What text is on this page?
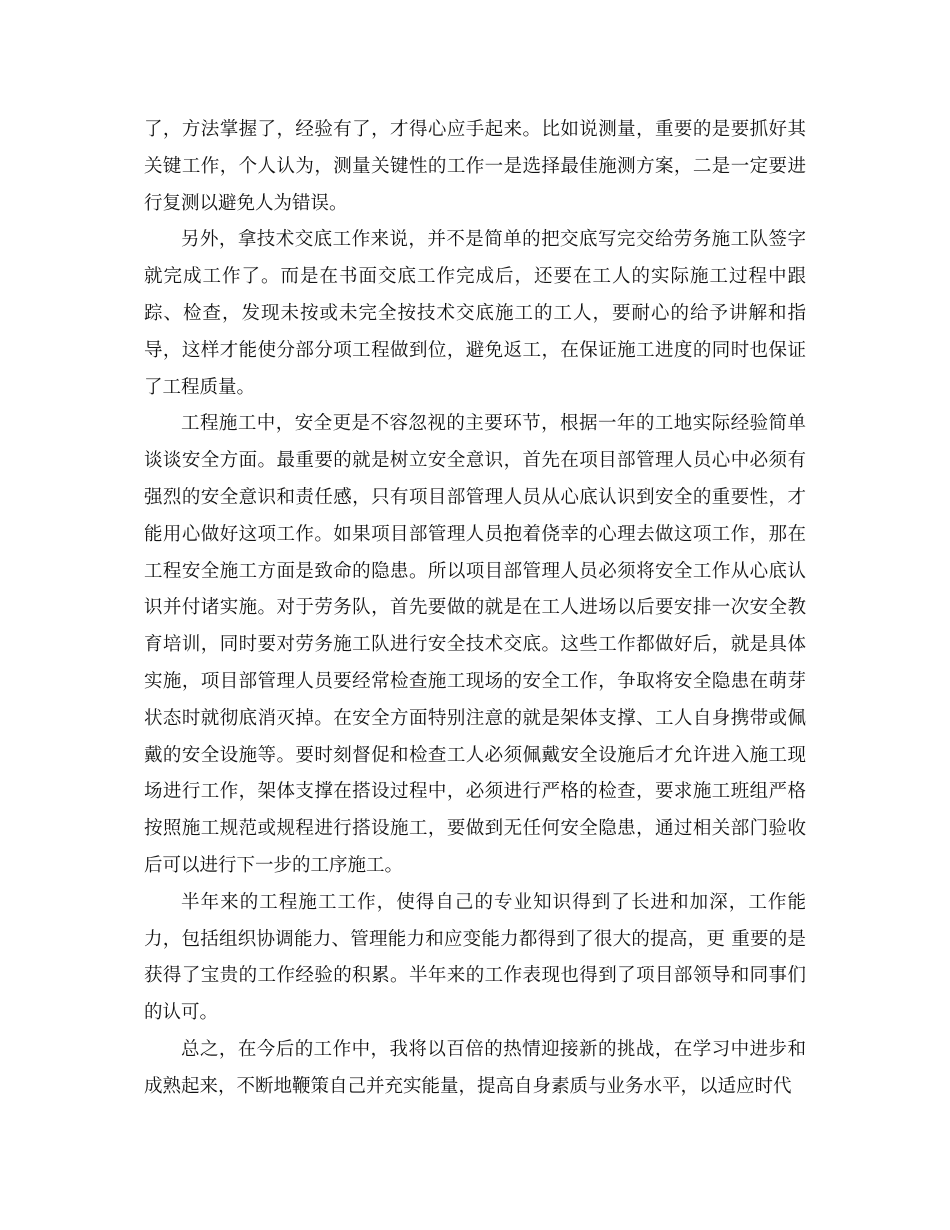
了，方法掌握了，经验有了，才得心应手起来。比如说测量，重要的是要抓好其关键工作，个人认为，测量关键性的工作一是选择最佳施测方案，二是一定要进行复测以避免人为错误。

另外，拿技术交底工作来说，并不是简单的把交底写完交给劳务施工队签字就完成工作了。而是在书面交底工作完成后，还要在工人的实际施工过程中跟踪、检查，发现未按或未完全按技术交底施工的工人，要耐心的给予讲解和指导，这样才能使分部分项工程做到位，避免返工，在保证施工进度的同时也保证了工程质量。

工程施工中，安全更是不容忽视的主要环节，根据一年的工地实际经验简单谈谈安全方面。最重要的就是树立安全意识，首先在项目部管理人员心中必须有强烈的安全意识和责任感，只有项目部管理人员从心底认识到安全的重要性，才能用心做好这项工作。如果项目部管理人员抱着侥幸的心理去做这项工作，那在工程安全施工方面是致命的隐患。所以项目部管理人员必须将安全工作从心底认识并付诸实施。对于劳务队，首先要做的就是在工人进场以后要安排一次安全教育培训，同时要对劳务施工队进行安全技术交底。这些工作都做好后，就是具体实施，项目部管理人员要经常检查施工现场的安全工作，争取将安全隐患在萌芽状态时就彻底消灭掉。在安全方面特别注意的就是架体支撑、工人自身携带或佩戴的安全设施等。要时刻督促和检查工人必须佩戴安全设施后才允许进入施工现场进行工作，架体支撑在搭设过程中，必须进行严格的检查，要求施工班组严格按照施工规范或规程进行搭设施工，要做到无任何安全隐患，通过相关部门验收后可以进行下一步的工序施工。

半年来的工程施工工作，使得自己的专业知识得到了长进和加深，工作能力，包括组织协调能力、管理能力和应变能力都得到了很大的提高，更 重要的是获得了宝贵的工作经验的积累。半年来的工作表现也得到了项目部领导和同事们的认可。

总之，在今后的工作中，我将以百倍的热情迎接新的挑战，在学习中进步和成熟起来，不断地鞭策自己并充实能量，提高自身素质与业务水平，以适应时代
